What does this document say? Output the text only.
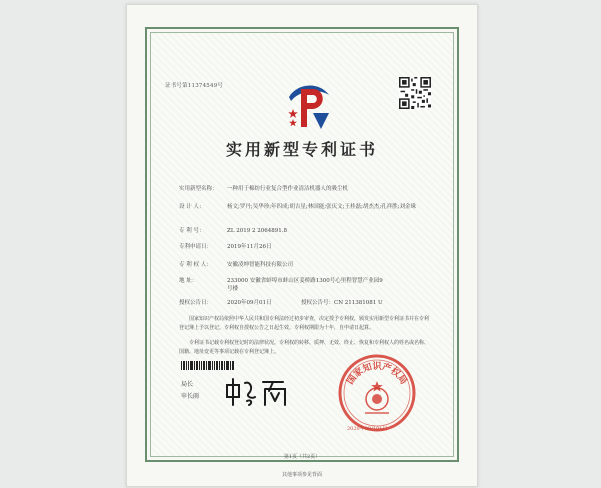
证书号第11374549号
实用新型专利证书
实用新型名称： 一种用于棉纺行业复合型作业清洁机器人的吸尘机
设 计 人：	杨文;罗丹;吴华珍;年四成;胡吉星;林国能;张庆文;王桂磊;胡杰杰;孔祥胜;刘金珠
专 利 号：	ZL 2019 2 2064891.8
专利申请日：	2019年11月26日
专 利 权 人：	安徽凌坤智能科技有限公司
地 址：	233000 安徽省蚌埠市蚌山区姜桥路1300号心里程智慧产业园9号楼
授权公告日：	2020年09月01日	授权公告号：CN 211381081 U
国家知识产权局依照中华人民共和国专利法经过初步审查，决定授予专利权，颁发实用新型专利证书并在专利登记簿上予以登记。专利权自授权公告之日起生效。专利权期限为十年，自申请日起算。
专利证书记载专利权登记时的法律状况。专利权的转移、质押、无效、终止、恢复和专利权人的姓名或名称、国籍、地址变更等事项记载在专利登记簿上。
局长
申长雨
国家知识产权局
2020年09月01日
第1页（共2页）
其他事项参见背面
